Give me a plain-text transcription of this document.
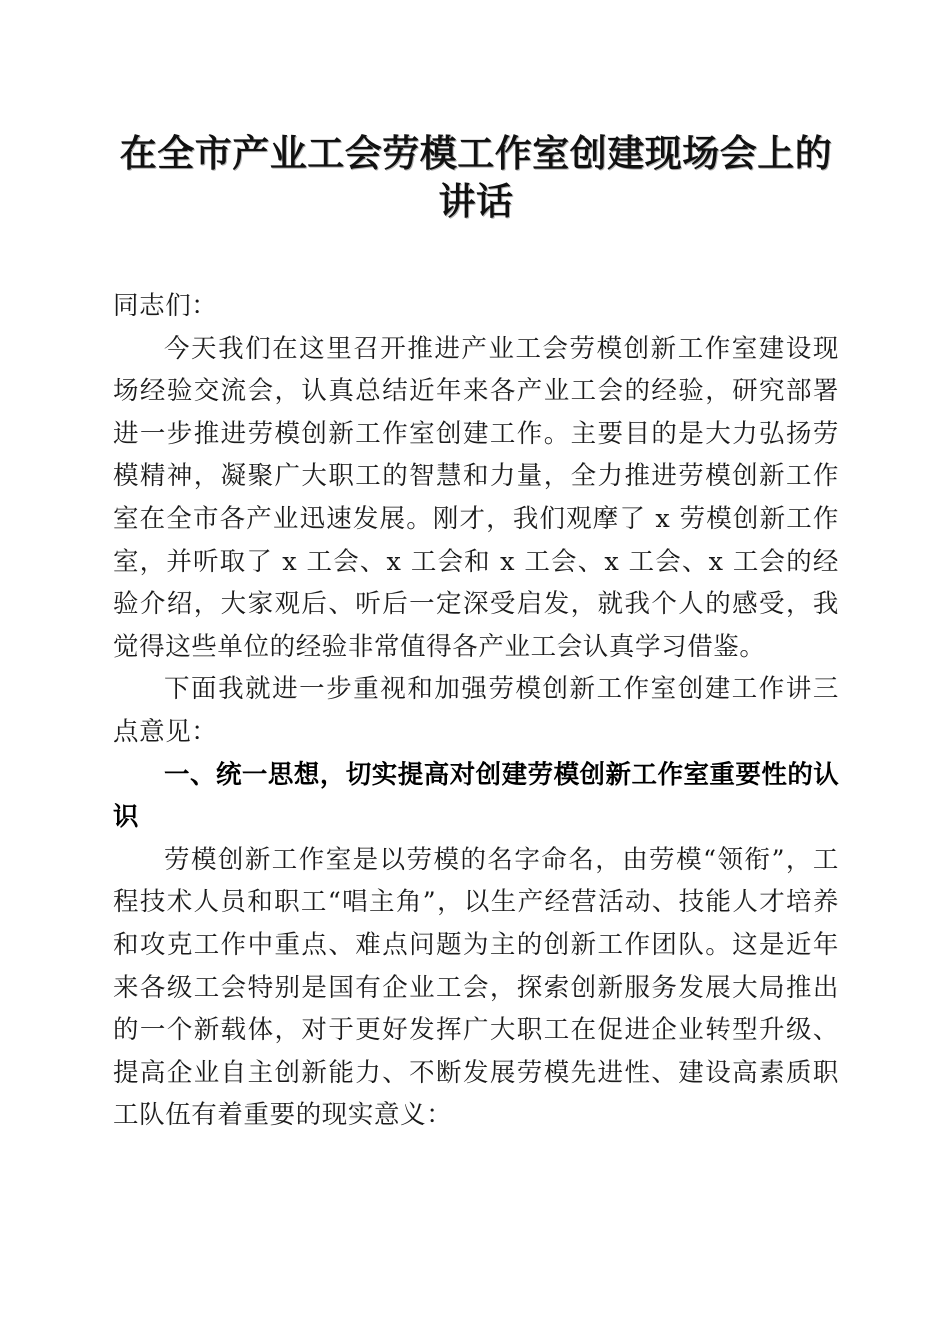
在全市产业工会劳模工作室创建现场会上的讲话

同志们：

今天我们在这里召开推进产业工会劳模创新工作室建设现场经验交流会，认真总结近年来各产业工会的经验，研究部署进一步推进劳模创新工作室创建工作。主要目的是大力弘扬劳模精神，凝聚广大职工的智慧和力量，全力推进劳模创新工作室在全市各产业迅速发展。刚才，我们观摩了 x 劳模创新工作室，并听取了 x 工会、x 工会和 x 工会、x 工会、x 工会的经验介绍，大家观后、听后一定深受启发，就我个人的感受，我觉得这些单位的经验非常值得各产业工会认真学习借鉴。

下面我就进一步重视和加强劳模创新工作室创建工作讲三点意见：

一、统一思想，切实提高对创建劳模创新工作室重要性的认识

劳模创新工作室是以劳模的名字命名，由劳模“领衔”，工程技术人员和职工“唱主角”，以生产经营活动、技能人才培养和攻克工作中重点、难点问题为主的创新工作团队。这是近年来各级工会特别是国有企业工会，探索创新服务发展大局推出的一个新载体，对于更好发挥广大职工在促进企业转型升级、提高企业自主创新能力、不断发展劳模先进性、建设高素质职工队伍有着重要的现实意义：
